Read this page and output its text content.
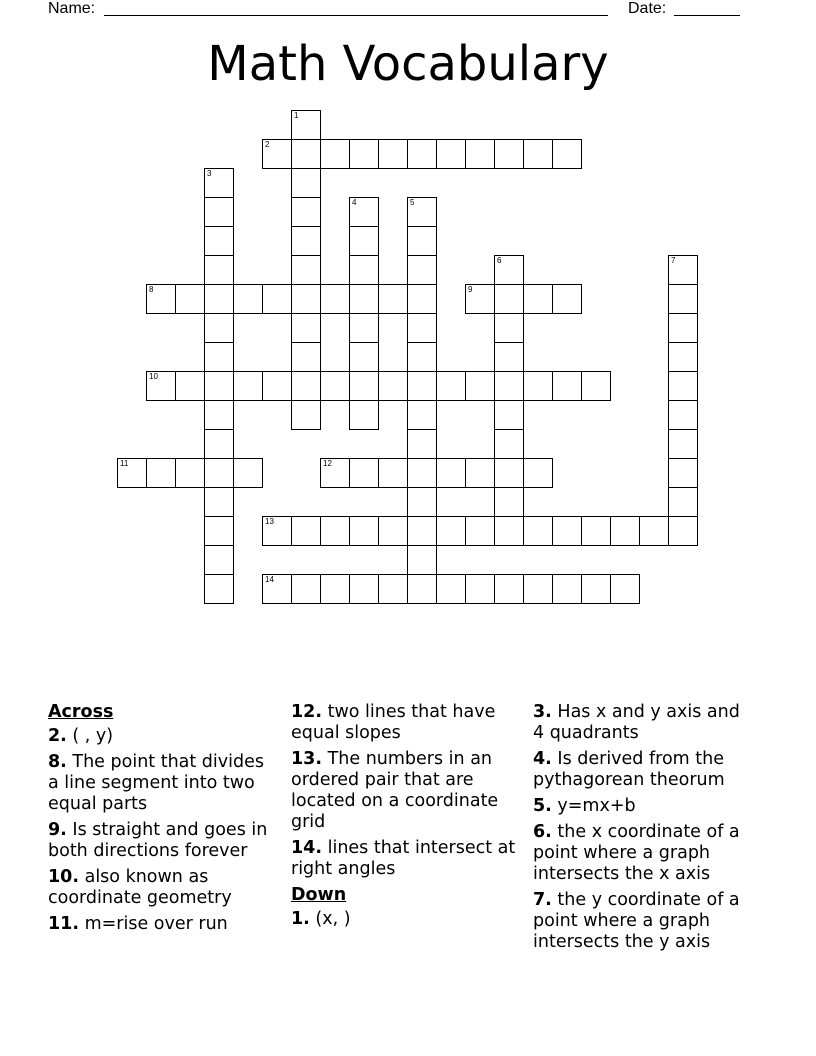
Name:	Date:
Math Vocabulary
1
2
3
4	5
6	7
8	9
10
11	12
13
14
Across
2. ( , y)
8. The point that divides a line segment into two equal parts
9. Is straight and goes in both directions forever
10. also known as coordinate geometry
11. m=rise over run
12. two lines that have equal slopes
13. The numbers in an ordered pair that are located on a coordinate grid
14. lines that intersect at right angles
Down
1. (x, )
3. Has x and y axis and 4 quadrants
4. Is derived from the pythagorean theorum
5. y=mx+b
6. the x coordinate of a point where a graph intersects the x axis
7. the y coordinate of a point where a graph intersects the y axis
